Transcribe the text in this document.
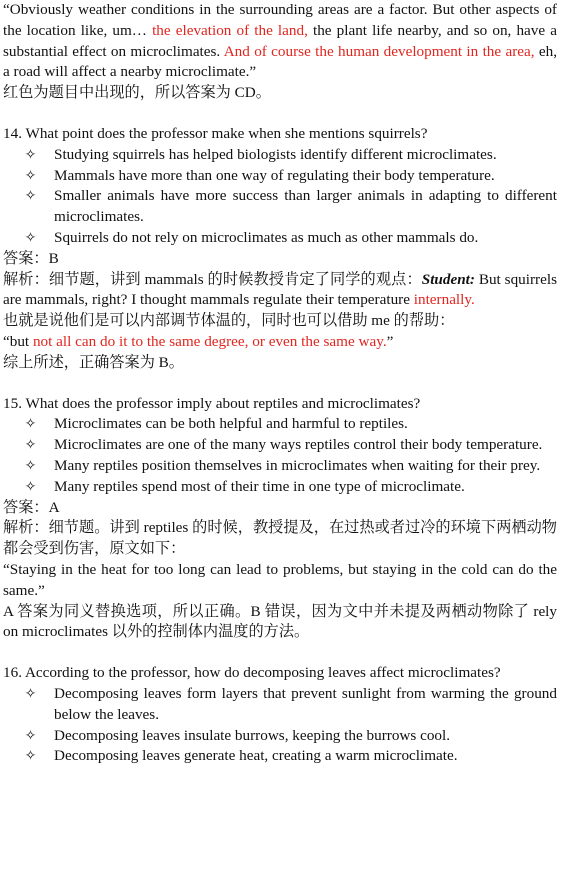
“Obviously weather conditions in the surrounding areas are a factor. But other aspects of the location like, um… the elevation of the land, the plant life nearby, and so on, have a substantial effect on microclimates. And of course the human development in the area, eh, a road will affect a nearby microclimate.”

红色为题目中出现的，所以答案为 CD。

14. What point does the professor make when she mentions squirrels?

✧	Studying squirrels has helped biologists identify different microclimates.
✧	Mammals have more than one way of regulating their body temperature.
✧	Smaller animals have more success than larger animals in adapting to different microclimates.
✧	Squirrels do not rely on microclimates as much as other mammals do.

答案：B

解析：细节题，讲到 mammals 的时候教授肯定了同学的观点：Student: But squirrels are mammals, right? I thought mammals regulate their temperature internally.

也就是说他们是可以内部调节体温的，同时也可以借助 me 的帮助：

“but not all can do it to the same degree, or even the same way.”

综上所述，正确答案为 B。

15. What does the professor imply about reptiles and microclimates?

✧	Microclimates can be both helpful and harmful to reptiles.
✧	Microclimates are one of the many ways reptiles control their body temperature.
✧	Many reptiles position themselves in microclimates when waiting for their prey.
✧	Many reptiles spend most of their time in one type of microclimate.

答案：A

解析：细节题。讲到 reptiles 的时候，教授提及，在过热或者过冷的环境下两栖动物都会受到伤害，原文如下：

“Staying in the heat for too long can lead to problems, but staying in the cold can do the same.”

A 答案为同义替换选项，所以正确。B 错误，因为文中并未提及两栖动物除了 rely on microclimates 以外的控制体内温度的方法。

16. According to the professor, how do decomposing leaves affect microclimates?

✧	Decomposing leaves form layers that prevent sunlight from warming the ground below the leaves.
✧	Decomposing leaves insulate burrows, keeping the burrows cool.
✧	Decomposing leaves generate heat, creating a warm microclimate.
